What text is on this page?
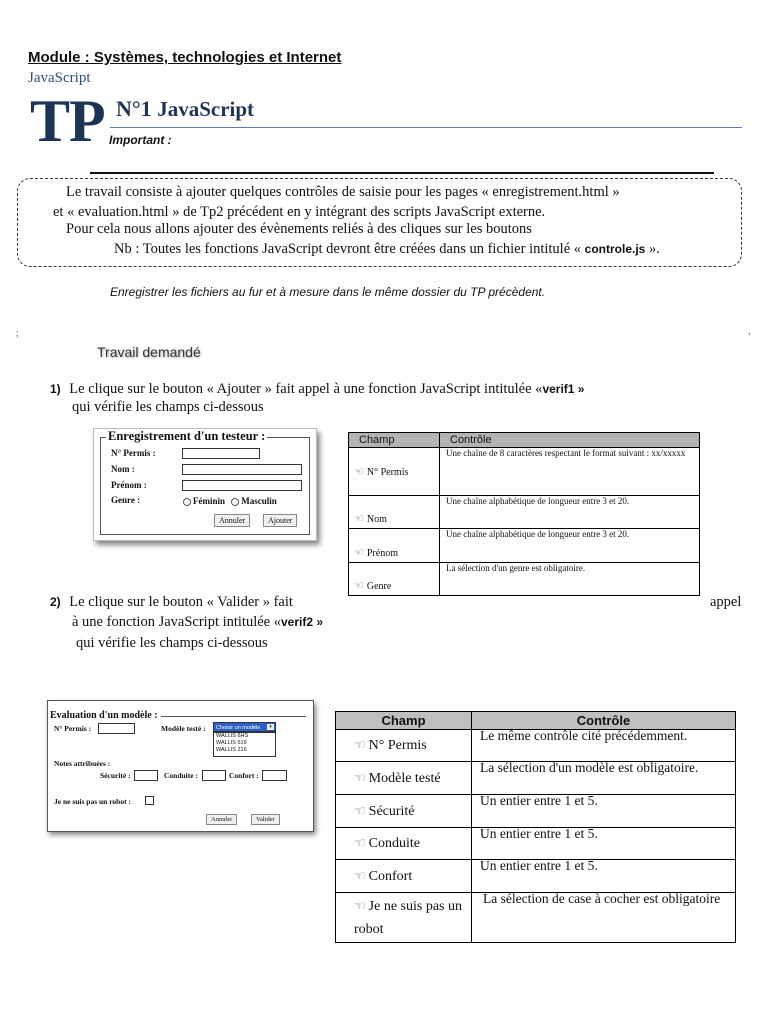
Module : Systèmes, technologies et Internet
JavaScript
TP N°1 JavaScript
Important :
Le travail consiste à ajouter quelques contrôles de saisie pour les pages « enregistrement.html »
et « evaluation.html » de Tp2 précédent en y intégrant des scripts JavaScript externe.
Pour cela nous allons ajouter des évènements reliés à des cliques sur les boutons
Nb : Toutes les fonctions JavaScript devront être créées dans un fichier intitulé « controle.js ».
Enregistrer les fichiers au fur et à mesure dans le même dossier du TP précèdent.
;	,
Travail demandé
1) Le clique sur le bouton « Ajouter » fait appel à une fonction JavaScript intitulée «verif1 »
qui vérifie les champs ci-dessous
Enregistrement d'un testeur :
N° Permis :
Nom :
Prénom :
Genre :	Féminin Masculin
Annuler	Ajouter
Champ	Contrôle
☜ N° Permis	Une chaîne de 8 caractères respectant le format suivant : xx/xxxxx
☜ Nom	Une chaîne alphabétique de longueur entre 3 et 20.
☜ Prénom	Une chaîne alphabétique de longueur entre 3 et 20.
☜ Genre	La sélection d'un genre est obligatoire.
2) Le clique sur le bouton « Valider » fait	appel
à une fonction JavaScript intitulée «verif2 »
qui vérifie les champs ci-dessous
Evaluation d'un modèle :
N° Permis :	Modèle testé :	Choisir un modèle	▾
WALLIS 6HS
WALLIS 619
WALLIS 216
Notes attribuées :
Sécurité :	Conduite :	Confort :
Je ne suis pas un robot :
Annuler	Valider
Champ	Contrôle
☜ N° Permis	Le même contrôle cité précédemment.
☜ Modèle testé	La sélection d'un modèle est obligatoire.
☜ Sécurité	Un entier entre 1 et 5.
☜ Conduite	Un entier entre 1 et 5.
☜ Confort	Un entier entre 1 et 5.
☜ Je ne suis pas un robot	La sélection de case à cocher est obligatoire
